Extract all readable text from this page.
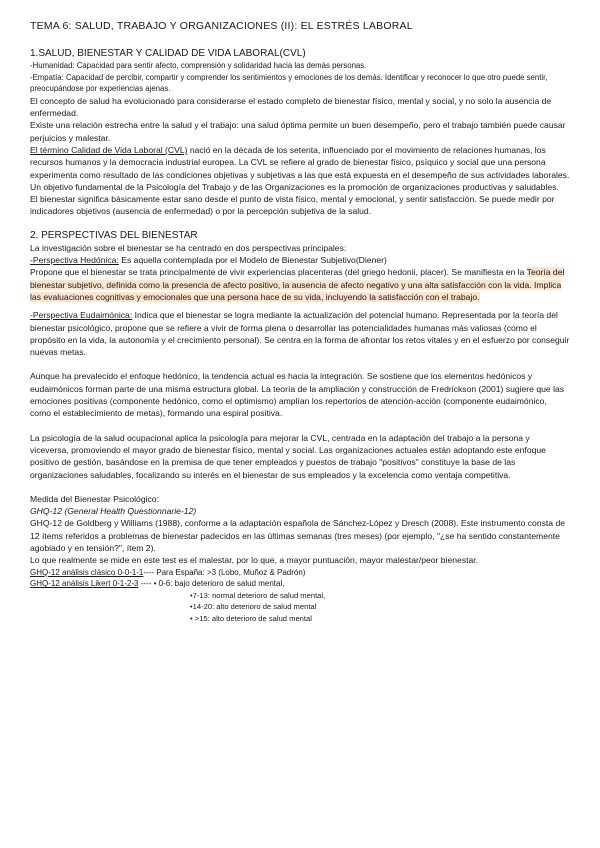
TEMA 6: SALUD, TRABAJO Y ORGANIZACIONES (II): EL ESTRÉS LABORAL
1.SALUD, BIENESTAR Y CALIDAD DE VIDA LABORAL(CVL)

-Humanidad: Capacidad para sentir afecto, comprensión y solidaridad hacia las demás personas.

-Empatía: Capacidad de percibir, compartir y comprender los sentimientos y emociones de los demás. Identificar y reconocer lo que otro puede sentir, preocupándose por experiencias ajenas.

El concepto de salud ha evolucionado para considerarse el estado completo de bienestar físico, mental y social, y no solo la ausencia de enfermedad.

Existe una relación estrecha entre la salud y el trabajo: una salud óptima permite un buen desempeño, pero el trabajo también puede causar perjuicios y malestar.

El término Calidad de Vida Laboral (CVL) nació en la década de los setenta, influenciado por el movimiento de relaciones humanas, los recursos humanos y la democracia industrial europea. La CVL se refiere al grado de bienestar físico, psíquico y social que una persona experimenta como resultado de las condiciones objetivas y subjetivas a las que está expuesta en el desempeño de sus actividades laborales. Un objetivo fundamental de la Psicología del Trabajo y de las Organizaciones es la promoción de organizaciones productivas y saludables.

El bienestar significa básicamente estar sano desde el punto de vista físico, mental y emocional, y sentir satisfacción. Se puede medir por indicadores objetivos (ausencia de enfermedad) o por la percepción subjetiva de la salud.

2. PERSPECTIVAS DEL BIENESTAR

La investigación sobre el bienestar se ha centrado en dos perspectivas principales:

-Perspectiva Hedónica: Es aquella contemplada por el Modelo de Bienestar Subjetivo(Diener)

Propone que el bienestar se trata principalmente de vivir experiencias placenteras (del griego hedonii, placer). Se manifiesta en la Teoría del bienestar subjetivo, definida como la presencia de afecto positivo, la ausencia de afecto negativo y una alta satisfacción con la vida. Implica las evaluaciones cognitivas y emocionales que una persona hace de su vida, incluyendo la satisfacción con el trabajo.

-Perspectiva Eudaimónica: Indica que el bienestar se logra mediante la actualización del potencial humano. Representada por la teoría del bienestar psicológico, propone que se refiere a vivir de forma plena o desarrollar las potencialidades humanas más valiosas (como el propósito en la vida, la autonomía y el crecimiento personal). Se centra en la forma de afrontar los retos vitales y en el esfuerzo por conseguir nuevas metas.

Aunque ha prevalecido el enfoque hedónico, la tendencia actual es hacia la integración. Se sostiene que los elementos hedónicos y eudaimónicos forman parte de una misma estructura global. La teoría de la ampliación y construcción de Fredrickson (2001) sugiere que las emociones positivas (componente hedónico, como el optimismo) amplían los repertorios de atención-acción (componente eudaimónico, como el establecimiento de metas), formando una espiral positiva.

La psicología de la salud ocupacional aplica la psicología para mejorar la CVL, centrada en la adaptación del trabajo a la persona y viceversa, promoviendo el mayor grado de bienestar físico, mental y social. Las organizaciones actuales están adoptando este enfoque positivo de gestión, basándose en la premisa de que tener empleados y puestos de trabajo "positivos" constituye la base de las organizaciones saludables, focalizando su interés en el bienestar de sus empleados y la excelencia como ventaja competitiva.

Medida del Bienestar Psicológico:

GHQ-12 (General Health Questionnarie-12)

GHQ-12 de Goldberg y Williams (1988), conforme a la adaptación española de Sánchez-López y Dresch (2008). Este instrumento consta de 12 ítems referidos a problemas de bienestar padecidos en las últimas semanas (tres meses) (por ejemplo, "¿se ha sentido constantemente agobiado y en tensión?", ítem 2).

Lo que realmente se mide en este test es el malestar, por lo que, a mayor puntuación, mayor malestar/peor bienestar.

GHQ-12 análisis clásico 0-0-1-1---- Para España: >3 (Lobo, Muñoz & Padrón)
GHQ-12 análisis Likert 0-1-2-3 ---- • 0-6: bajo deterioro de salud mental,
•7-13: normal deterioro de salud mental,
•14-20: alto deterioro de salud mental
• >15: alto deterioro de salud mental
